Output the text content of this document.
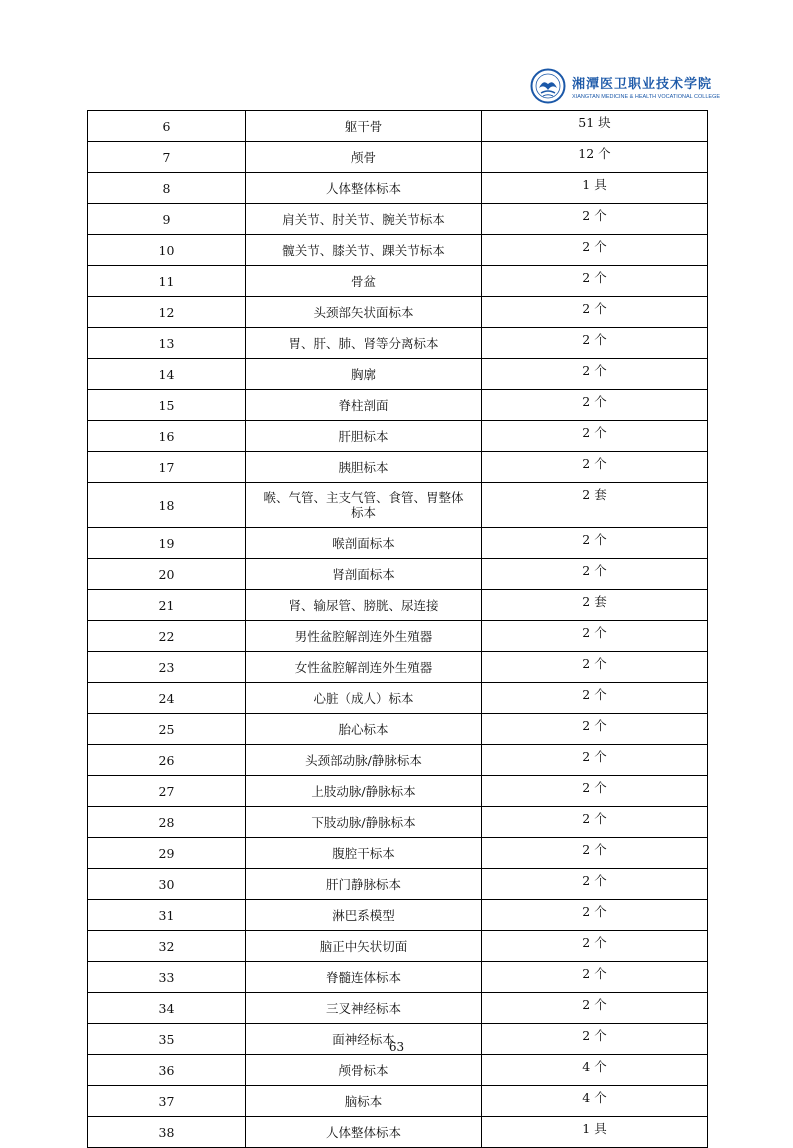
湘潭医卫职业技术学院
XIANGTAN MEDICINE & HEALTH VOCATIONAL COLLEGE
6	躯干骨	51 块
7	颅骨	12 个
8	人体整体标本	1 具
9	肩关节、肘关节、腕关节标本	2 个
10	髋关节、膝关节、踝关节标本	2 个
11	骨盆	2 个
12	头颈部矢状面标本	2 个
13	胃、肝、肺、肾等分离标本	2 个
14	胸廓	2 个
15	脊柱剖面	2 个
16	肝胆标本	2 个
17	胰胆标本	2 个
18	喉、气管、主支气管、食管、胃整体标本	2 套
19	喉剖面标本	2 个
20	肾剖面标本	2 个
21	肾、输尿管、膀胱、尿连接	2 套
22	男性盆腔解剖连外生殖器	2 个
23	女性盆腔解剖连外生殖器	2 个
24	心脏（成人）标本	2 个
25	胎心标本	2 个
26	头颈部动脉/静脉标本	2 个
27	上肢动脉/静脉标本	2 个
28	下肢动脉/静脉标本	2 个
29	腹腔干标本	2 个
30	肝门静脉标本	2 个
31	淋巴系模型	2 个
32	脑正中矢状切面	2 个
33	脊髓连体标本	2 个
34	三叉神经标本	2 个
35	面神经标本	2 个
36	颅骨标本	4 个
37	脑标本	4 个
38	人体整体标本	1 具
63
